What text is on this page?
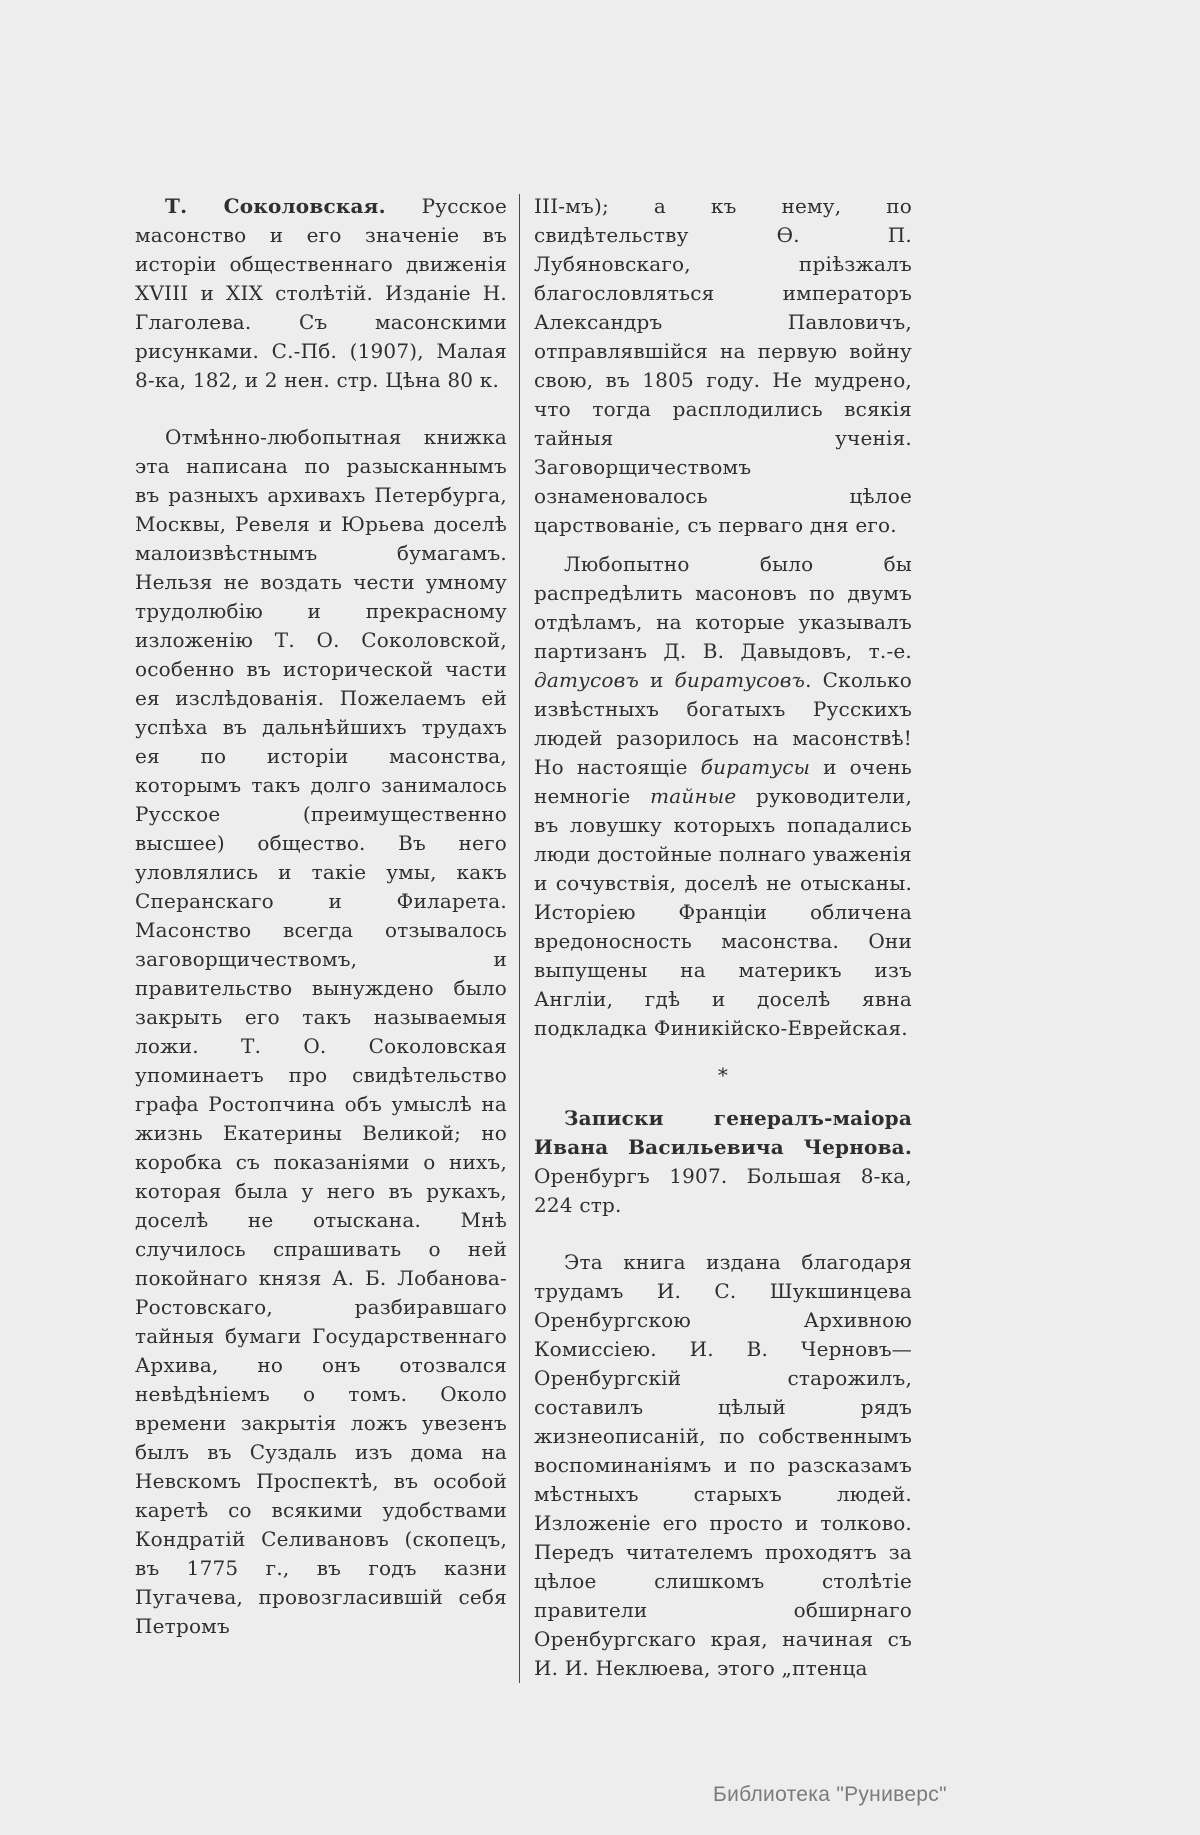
Т. Соколовская. Русское масонство и его значеніе въ исторіи общественнаго движенія XVIII и XIX столѣтій. Изданіе Н. Глаголева. Съ масонскими рисунками. С.-Пб. (1907), Малая 8-ка, 182, и 2 нен. стр. Цѣна 80 к.

Отмѣнно-любопытная книжка эта написана по разысканнымъ въ разныхъ архивахъ Петербурга, Москвы, Ревеля и Юрьева доселѣ малоизвѣстнымъ бумагамъ. Нельзя не воздать чести умному трудолюбію и прекрасному изложенію Т. О. Соколовской, особенно въ исторической части ея изслѣдованія. Пожелаемъ ей успѣха въ дальнѣйшихъ трудахъ ея по исторіи масонства, которымъ такъ долго занималось Русское (преимущественно высшее) общество. Въ него уловлялись и такіе умы, какъ Сперанскаго и Филарета. Масонство всегда отзывалось заговорщичествомъ, и правительство вынуждено было закрыть его такъ называемыя ложи. Т. О. Соколовская упоминаетъ про свидѣтельство графа Ростопчина объ умыслѣ на жизнь Екатерины Великой; но коробка съ показаніями о нихъ, которая была у него въ рукахъ, доселѣ не отыскана. Мнѣ случилось спрашивать о ней покойнаго князя А. Б. Лобанова-Ростовскаго, разбиравшаго тайныя бумаги Государственнаго Архива, но онъ отозвался невѣдѣніемъ о томъ. Около времени закрытія ложъ увезенъ былъ въ Суздаль изъ дома на Невскомъ Проспектѣ, въ особой каретѣ со всякими удобствами Кондратій Селивановъ (скопецъ, въ 1775 г., въ годъ казни Пугачева, провозгласившій себя Петромъ

III-мъ); а къ нему, по свидѣтельству Ѳ. П. Лубяновскаго, пріѣзжалъ благословляться императоръ Александръ Павловичъ, отправлявшійся на первую войну свою, въ 1805 году. Не мудрено, что тогда расплодились всякія тайныя ученія. Заговорщичествомъ ознаменовалось цѣлое царствованіе, съ перваго дня его.

Любопытно было бы распредѣлить масоновъ по двумъ отдѣламъ, на которые указывалъ партизанъ Д. В. Давыдовъ, т.-е. датусовъ и биратусовъ. Сколько извѣстныхъ богатыхъ Русскихъ людей разорилось на масонствѣ! Но настоящіе биратусы и очень немногіе тайные руководители, въ ловушку которыхъ попадались люди достойные полнаго уваженія и сочувствія, доселѣ не отысканы. Исторіею Франціи обличена вредоносность масонства. Они выпущены на материкъ изъ Англіи, гдѣ и доселѣ явна подкладка Финикійско-Еврейская.

*

Записки генералъ-маіора Ивана Васильевича Чернова. Оренбургъ 1907. Большая 8-ка, 224 стр.

Эта книга издана благодаря трудамъ И. С. Шукшинцева Оренбургскою Архивною Комиссіею. И. В. Черновъ—Оренбургскій старожилъ, составилъ цѣлый рядъ жизнеописаній, по собственнымъ воспоминаніямъ и по разсказамъ мѣстныхъ старыхъ людей. Изложеніе его просто и толково. Передъ читателемъ проходятъ за цѣлое слишкомъ столѣтіе правители обширнаго Оренбургскаго края, начиная съ И. И. Неклюева, этого „птенца

Библиотека "Руниверс"
